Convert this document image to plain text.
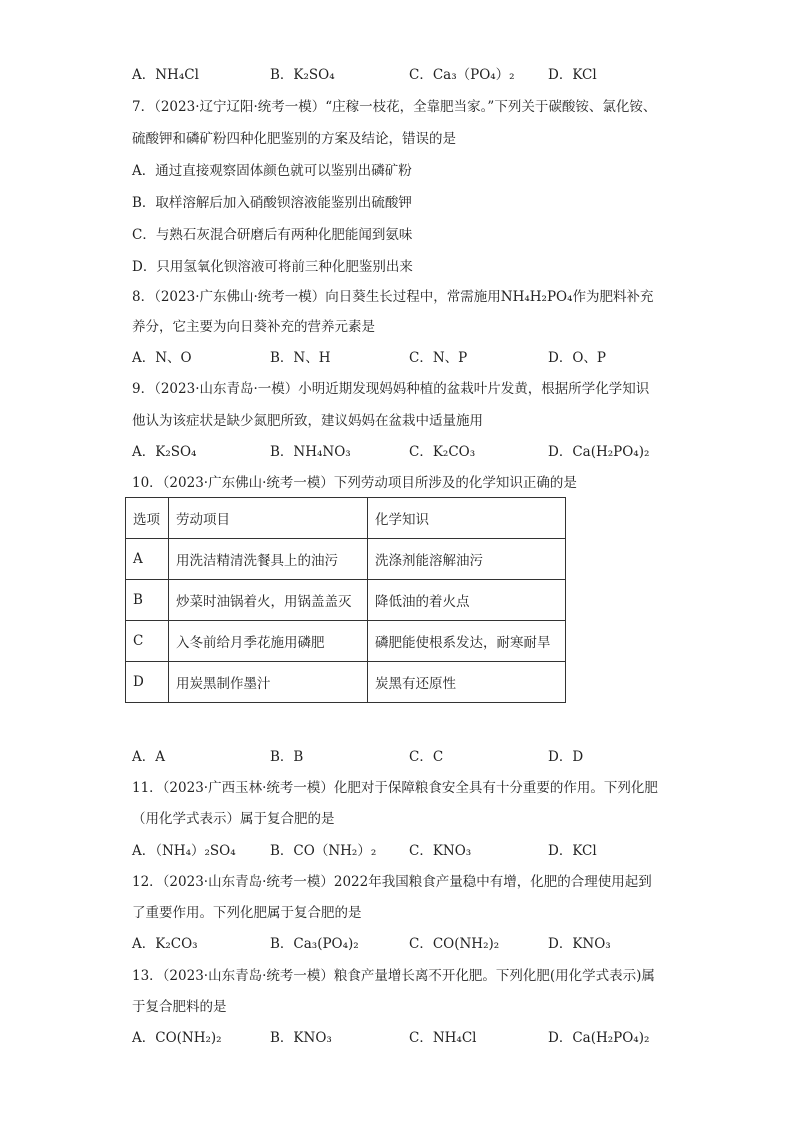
A．NH₄Cl	B．K₂SO₄	C．Ca₃（PO₄）₂ D．KCl
7．（2023·辽宁辽阳·统考一模）“庄稼一枝花，全靠肥当家。”下列关于碳酸铵、氯化铵、
硫酸钾和磷矿粉四种化肥鉴别的方案及结论，错误的是
A．通过直接观察固体颜色就可以鉴别出磷矿粉
B．取样溶解后加入硝酸钡溶液能鉴别出硫酸钾
C．与熟石灰混合研磨后有两种化肥能闻到氨味
D．只用氢氧化钡溶液可将前三种化肥鉴别出来
8．（2023·广东佛山·统考一模）向日葵生长过程中，常需施用NH₄H₂PO₄作为肥料补充
养分，它主要为向日葵补充的营养元素是
A．N、O	B．N、H	C．N、P	D．O、P
9．（2023·山东青岛·一模）小明近期发现妈妈种植的盆栽叶片发黄，根据所学化学知识
他认为该症状是缺少氮肥所致，建议妈妈在盆栽中适量施用
A．K₂SO₄	B．NH₄NO₃	C．K₂CO₃	D．Ca(H₂PO₄)₂
10．（2023·广东佛山·统考一模）下列劳动项目所涉及的化学知识正确的是
选项	劳动项目	化学知识
A	用洗洁精清洗餐具上的油污	洗涤剂能溶解油污
B	炒菜时油锅着火，用锅盖盖灭	降低油的着火点
C	入冬前给月季花施用磷肥	磷肥能使根系发达，耐寒耐旱
D	用炭黑制作墨汁	炭黑有还原性
A．A	B．B	C．C	D．D
11．（2023·广西玉林·统考一模）化肥对于保障粮食安全具有十分重要的作用。下列化肥
（用化学式表示）属于复合肥的是
A．（NH₄）₂SO₄	B．CO（NH₂）₂ C．KNO₃	D．KCl
12．（2023·山东青岛·统考一模）2022年我国粮食产量稳中有增，化肥的合理使用起到
了重要作用。下列化肥属于复合肥的是
A．K₂CO₃	B．Ca₃(PO₄)₂	C．CO(NH₂)₂	D．KNO₃
13．（2023·山东青岛·统考一模）粮食产量增长离不开化肥。下列化肥(用化学式表示)属
于复合肥料的是
A．CO(NH₂)₂	B．KNO₃	C．NH₄Cl	D．Ca(H₂PO₄)₂
